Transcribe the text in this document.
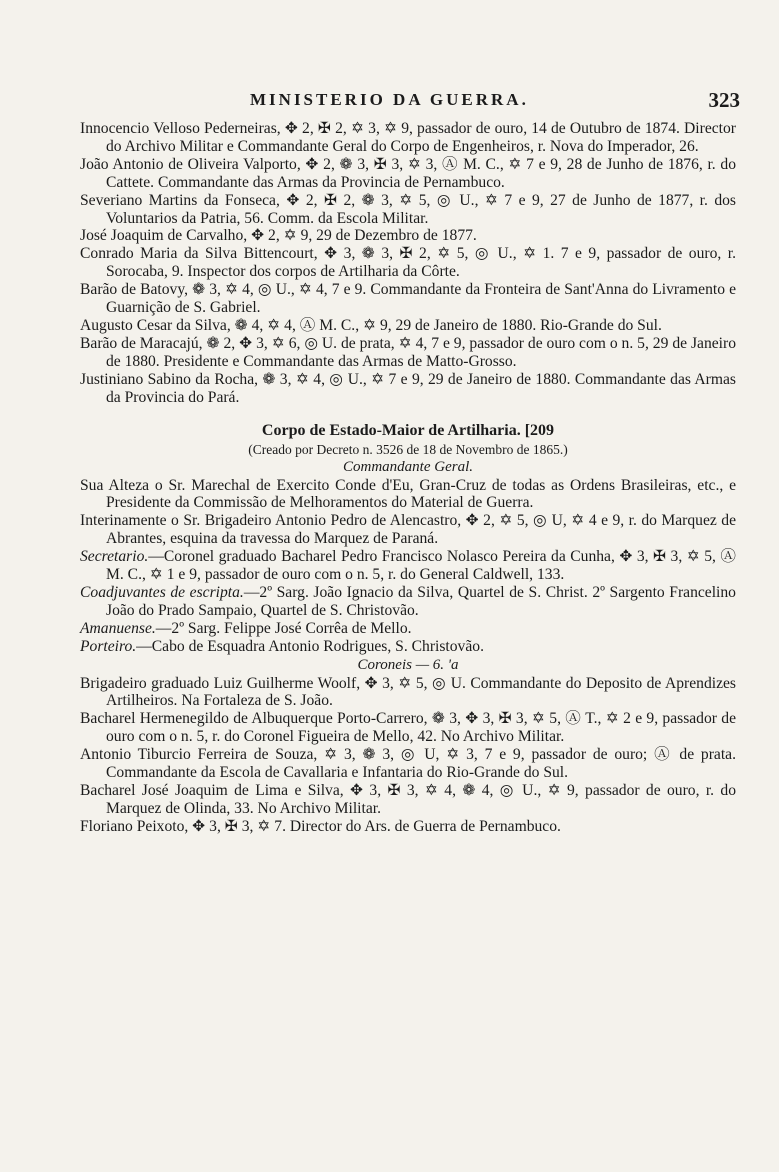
MINISTERIO DA GUERRA.	323

Innocencio Velloso Pederneiras, ✥ 2, ✠ 2, ✡ 3, ✡ 9, passador de ouro, 14 de Outubro de 1874. Director do Archivo Militar e Commandante Geral do Corpo de Engenheiros, r. Nova do Imperador, 26.

João Antonio de Oliveira Valporto, ✥ 2, ❁ 3, ✠ 3, ✡ 3, Ⓐ M. C., ✡ 7 e 9, 28 de Junho de 1876, r. do Cattete. Commandante das Armas da Provincia de Pernambuco.

Severiano Martins da Fonseca, ✥ 2, ✠ 2, ❁ 3, ✡ 5, ◎ U., ✡ 7 e 9, 27 de Junho de 1877, r. dos Voluntarios da Patria, 56. Comm. da Escola Militar.

José Joaquim de Carvalho, ✥ 2, ✡ 9, 29 de Dezembro de 1877.

Conrado Maria da Silva Bittencourt, ✥ 3, ❁ 3, ✠ 2, ✡ 5, ◎ U., ✡ 1. 7 e 9, passador de ouro, r. Sorocaba, 9. Inspector dos corpos de Artilharia da Côrte.

Barão de Batovy, ❁ 3, ✡ 4, ◎ U., ✡ 4, 7 e 9. Commandante da Fronteira de Sant'Anna do Livramento e Guarnição de S. Gabriel.

Augusto Cesar da Silva, ❁ 4, ✡ 4, Ⓐ M. C., ✡ 9, 29 de Janeiro de 1880. Rio-Grande do Sul.

Barão de Maracajú, ❁ 2, ✥ 3, ✡ 6, ◎ U. de prata, ✡ 4, 7 e 9, passador de ouro com o n. 5, 29 de Janeiro de 1880. Presidente e Commandante das Armas de Matto-Grosso.

Justiniano Sabino da Rocha, ❁ 3, ✡ 4, ◎ U., ✡ 7 e 9, 29 de Janeiro de 1880. Commandante das Armas da Provincia do Pará.

Corpo de Estado-Maior de Artilharia. [209
(Creado por Decreto n. 3526 de 18 de Novembro de 1865.)
Commandante Geral.

Sua Alteza o Sr. Marechal de Exercito Conde d'Eu, Gran-Cruz de todas as Ordens Brasileiras, etc., e Presidente da Commissão de Melhoramentos do Material de Guerra.

Interinamente o Sr. Brigadeiro Antonio Pedro de Alencastro, ✥ 2, ✡ 5, ◎ U, ✡ 4 e 9, r. do Marquez de Abrantes, esquina da travessa do Marquez de Paraná.

Secretario.—Coronel graduado Bacharel Pedro Francisco Nolasco Pereira da Cunha, ✥ 3, ✠ 3, ✡ 5, Ⓐ M. C., ✡ 1 e 9, passador de ouro com o n. 5, r. do General Caldwell, 133.

Coadjuvantes de escripta.—2º Sarg. João Ignacio da Silva, Quartel de S. Christ. 2º Sargento Francelino João do Prado Sampaio, Quartel de S. Christovão.

Amanuense.—2º Sarg. Felippe José Corrêa de Mello.

Porteiro.—Cabo de Esquadra Antonio Rodrigues, S. Christovão.

Coroneis — 6. 'a

Brigadeiro graduado Luiz Guilherme Woolf, ✥ 3, ✡ 5, ◎ U. Commandante do Deposito de Aprendizes Artilheiros. Na Fortaleza de S. João.

Bacharel Hermenegildo de Albuquerque Porto-Carrero, ❁ 3, ✥ 3, ✠ 3, ✡ 5, Ⓐ T., ✡ 2 e 9, passador de ouro com o n. 5, r. do Coronel Figueira de Mello, 42. No Archivo Militar.

Antonio Tiburcio Ferreira de Souza, ✡ 3, ❁ 3, ◎ U, ✡ 3, 7 e 9, passador de ouro; Ⓐ de prata. Commandante da Escola de Cavallaria e Infantaria do Rio-Grande do Sul.

Bacharel José Joaquim de Lima e Silva, ✥ 3, ✠ 3, ✡ 4, ❁ 4, ◎ U., ✡ 9, passador de ouro, r. do Marquez de Olinda, 33. No Archivo Militar.

Floriano Peixoto, ✥ 3, ✠ 3, ✡ 7. Director do Ars. de Guerra de Pernambuco.
